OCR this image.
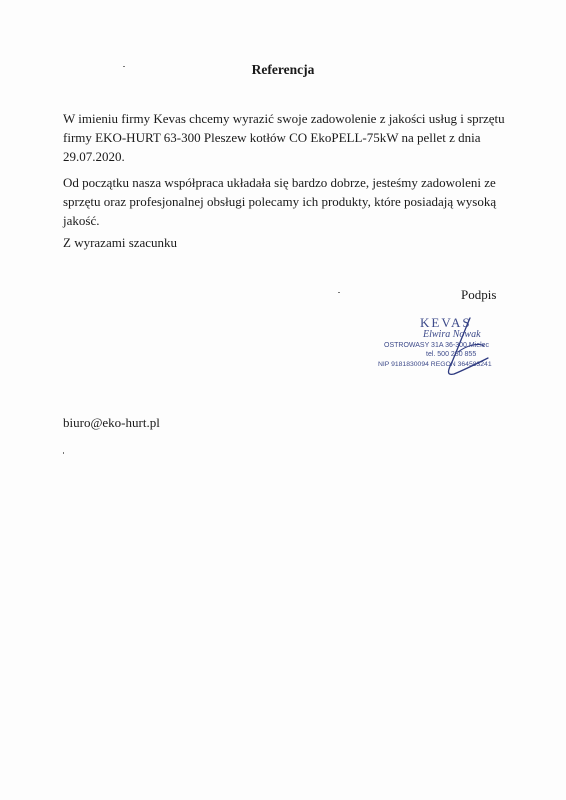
Referencja
W imieniu firmy Kevas chcemy wyrazić swoje zadowolenie z jakości usług i sprzętu firmy EKO-HURT 63-300 Pleszew kotłów CO EkoPELL-75kW na pellet z dnia 29.07.2020.
Od początku nasza współpraca układała się bardzo dobrze, jesteśmy zadowoleni ze sprzętu oraz profesjonalnej obsługi polecamy ich produkty, które posiadają wysoką jakość.
Z wyrazami szacunku
Podpis
KEVAS
Elwira Nowak
OSTROWASY 31A 36-300 Mielec
tel. 500 280 855
NIP 9181830094 REGON 364583241
biuro@eko-hurt.pl
